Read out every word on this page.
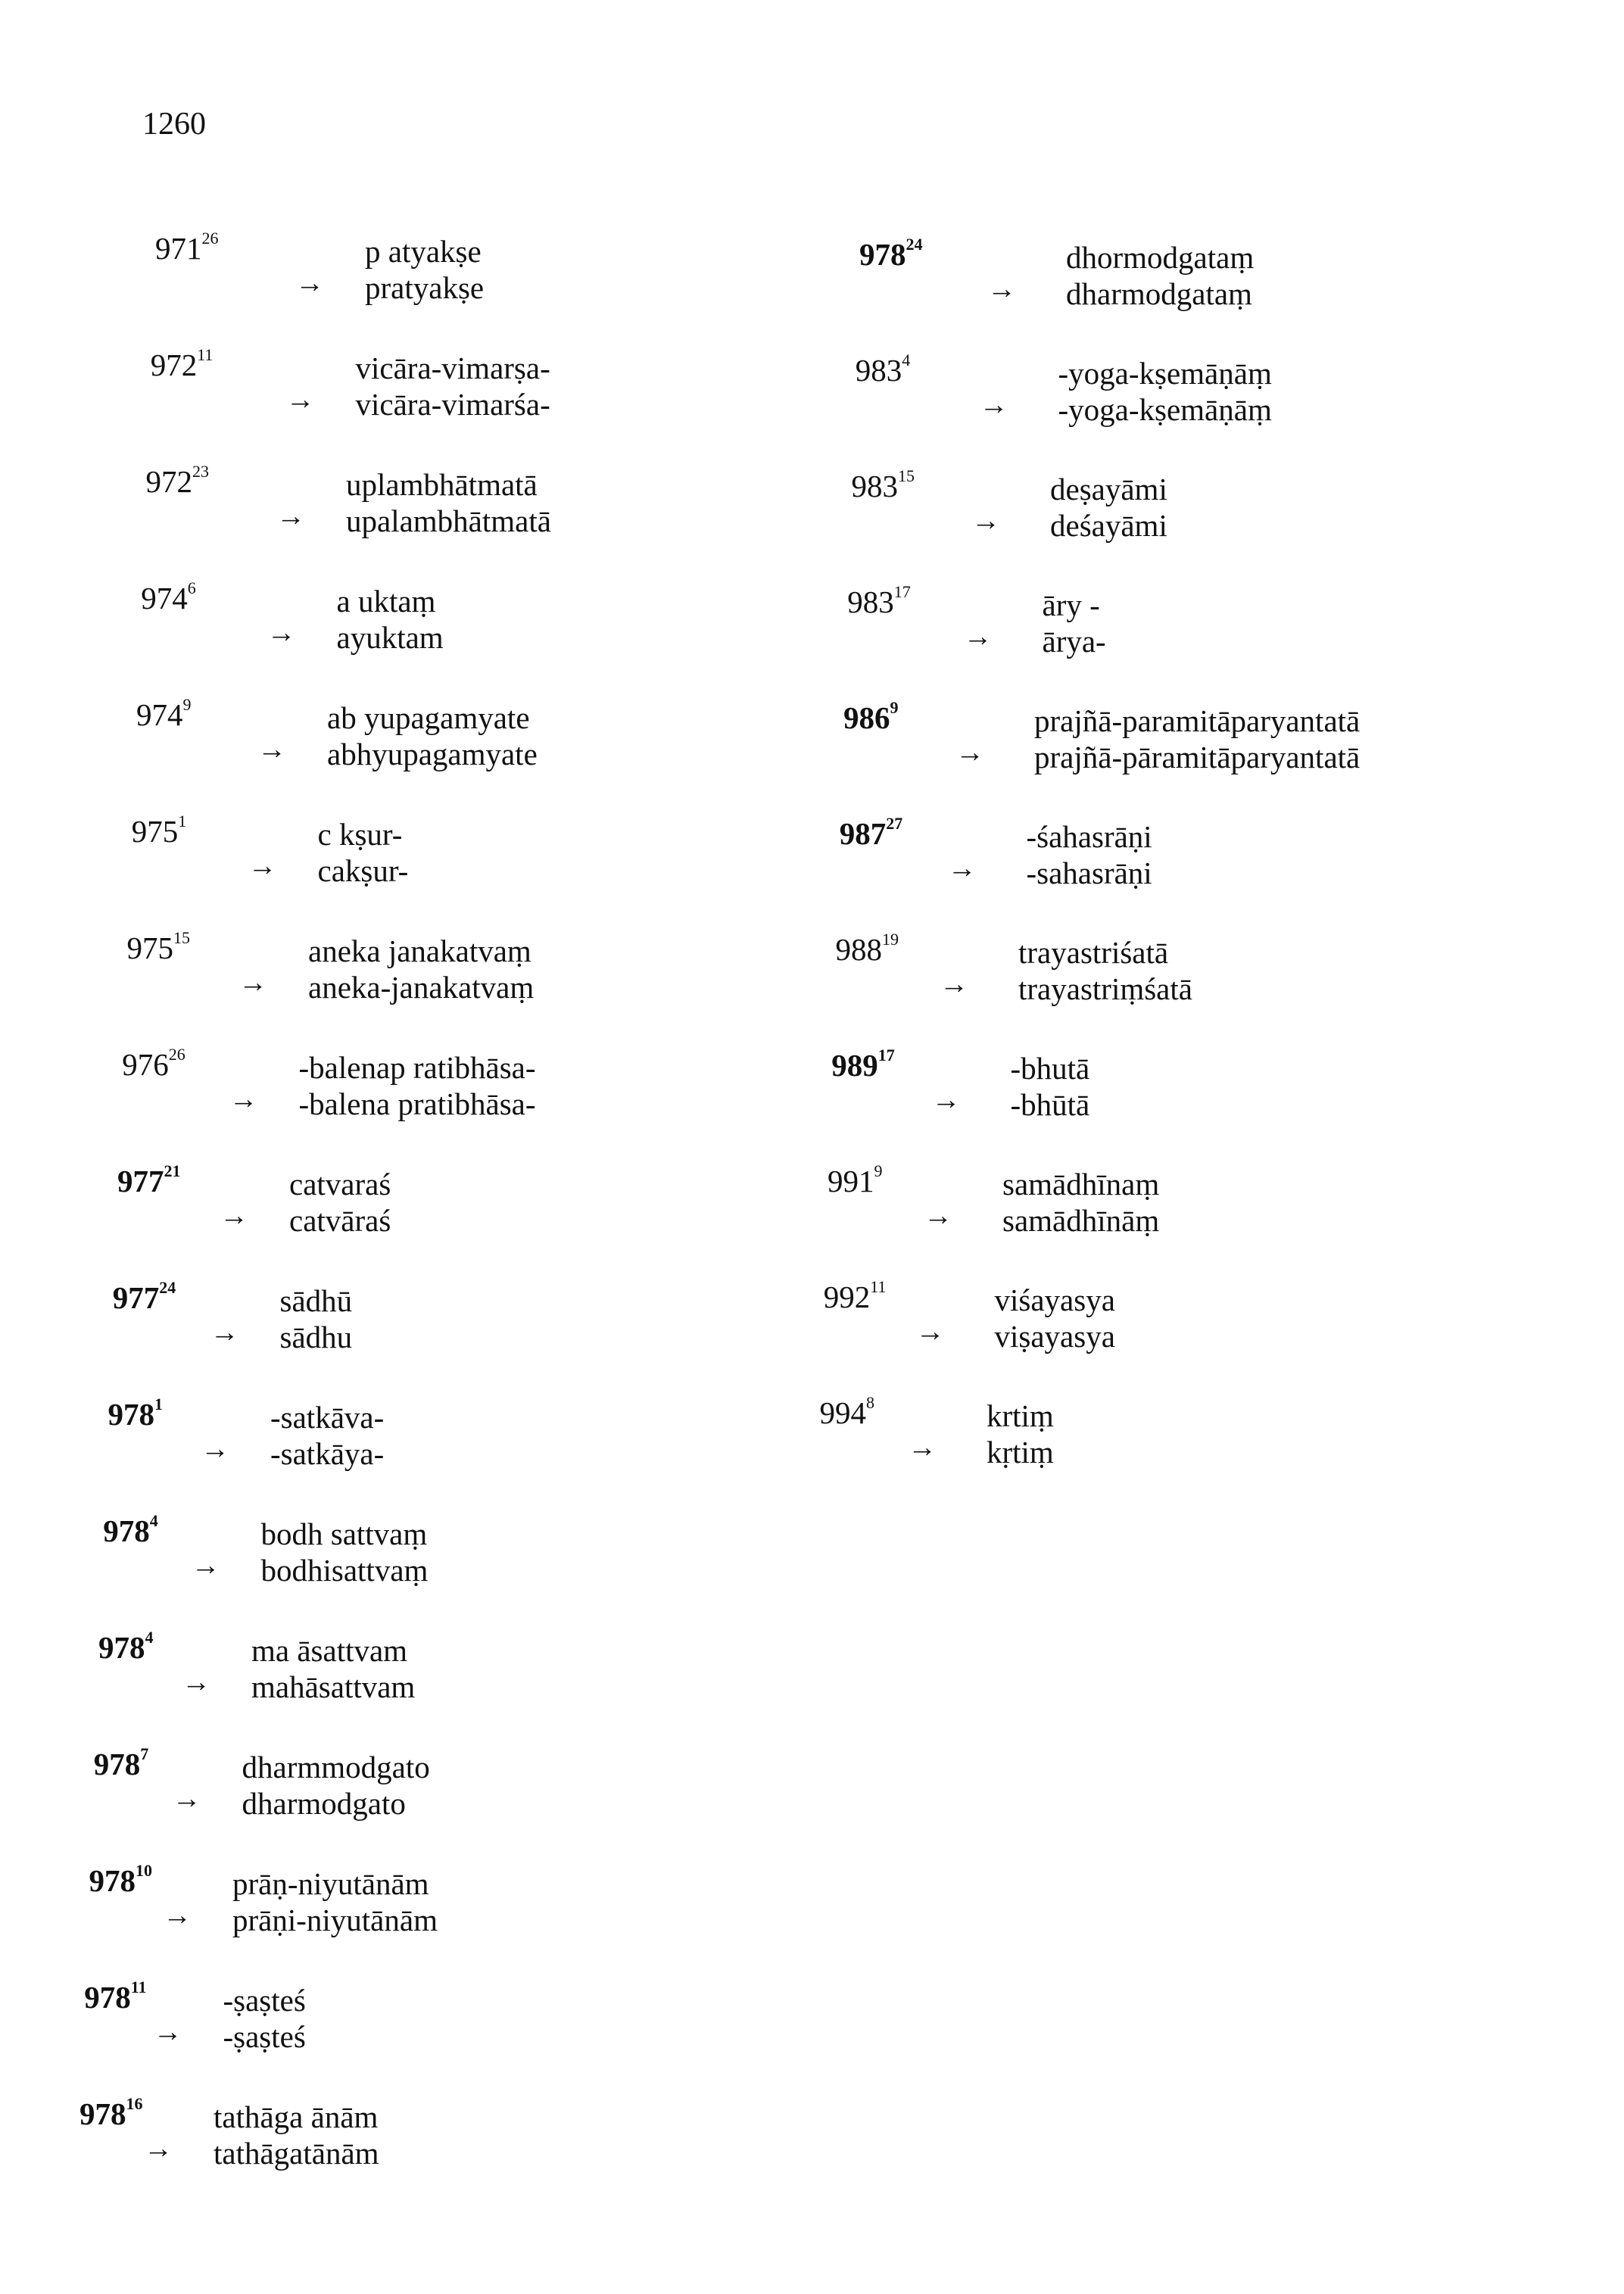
1260
$971^{26}$	p atyakṣe
→ pratyakṣe
$972^{11}$	vicāra-vimarṣa-
→ vicāra-vimarśa-
$972^{23}$	uplambhātmatā
→ upalambhātmatā
$974^6$	a uktaṃ
→ ayuktam
$974^9$	ab yupagamyate
→ abhyupagamyate
$975^1$	c kṣur-
→ cakṣur-
$975^{15}$	aneka janakatvaṃ
→ aneka-janakatvaṃ
$976^{26}$	-balenap ratibhāsa-
→ -balena pratibhāsa-
$977^{21}$	catvaraś
→ catvāraś
$977^{24}$	sādhū
→ sādhu
$978^1$	-satkāva-
→ -satkāya-
$978^4$	bodh sattvaṃ
→ bodhisattvaṃ
$978^4$	ma āsattvam
→ mahāsattvam
$978^7$	dharmmodgato
→ dharmodgato
$978^{10}$	prāṇ-niyutānām
→ prāṇi-niyutānām
$978^{11}$ -ṣaṣteś
→ -ṣaṣteś
$978^{16}$ tathāga ānām
→ tathāgatānām
$978^{24}$	dhormodgataṃ
→ dharmodgataṃ
$983^4$	-yoga-kṣemāṇāṃ
→ -yoga-kṣemāṇāṃ
$983^{15}$	deṣayāmi
→ deśayāmi
$983^{17}$	āry -
→ ārya-
$986^9$	prajñā-paramitāparyantatā
→ prajñā-pāramitāparyantatā
$987^{27}$	-śahasrāṇi
→ -sahasrāṇi
$988^{19}$	trayastriśatā
→ trayastriṃśatā
$989^{17}$	-bhutā
→ -bhūtā
$991^9$	samādhīnaṃ
→ samādhīnāṃ
$992^{11}$	viśayasya
→ viṣayasya
$994^8$	krtiṃ
→ kṛtiṃ
